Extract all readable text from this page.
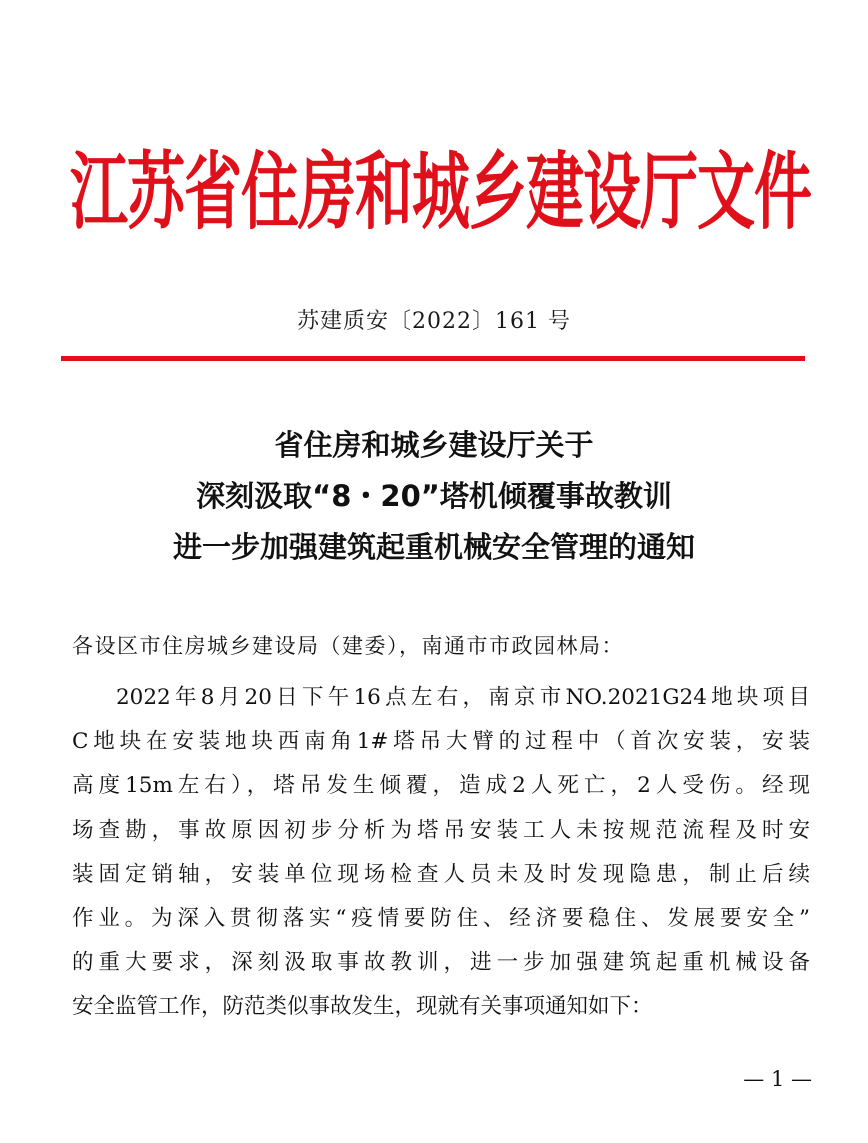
江苏省住房和城乡建设厅文件
苏建质安〔2022〕161 号
省住房和城乡建设厅关于
深刻汲取“8・20”塔机倾覆事故教训
进一步加强建筑起重机械安全管理的通知
各设区市住房城乡建设局（建委），南通市市政园林局：
2022年8月20日下午16点左右，南京市NO.2021G24地块项目
C地块在安装地块西南角1#塔吊大臂的过程中（首次安装，安装
高度15m左右），塔吊发生倾覆，造成2人死亡，2人受伤。经现
场查勘，事故原因初步分析为塔吊安装工人未按规范流程及时安
装固定销轴，安装单位现场检查人员未及时发现隐患，制止后续
作业。为深入贯彻落实“疫情要防住、经济要稳住、发展要安全”
的重大要求，深刻汲取事故教训，进一步加强建筑起重机械设备
安全监管工作，防范类似事故发生，现就有关事项通知如下：
— 1 —
